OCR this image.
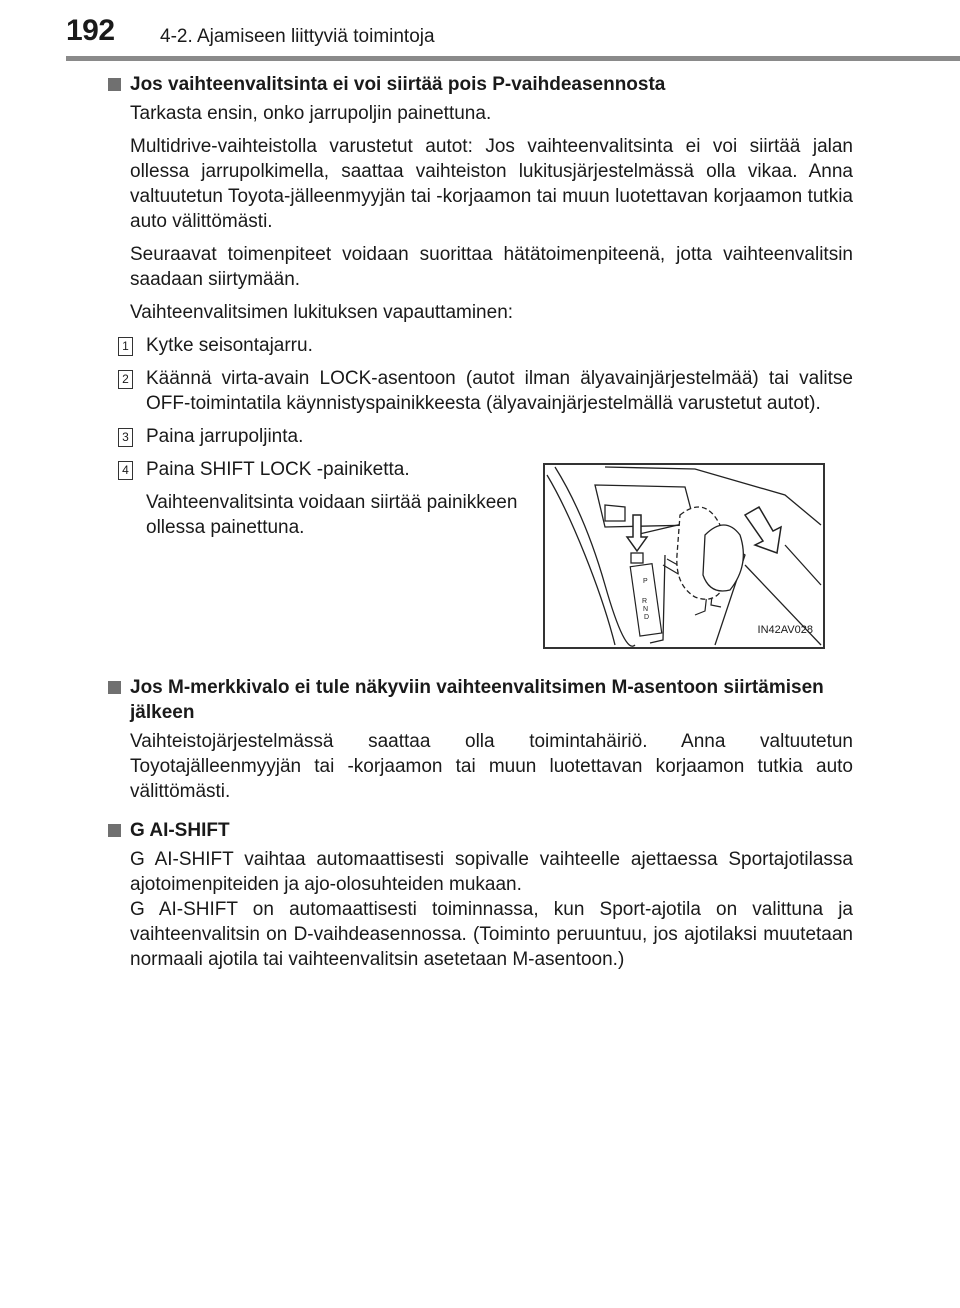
192 4-2. Ajamiseen liittyviä toimintoja

Jos vaihteenvalitsinta ei voi siirtää pois P-vaihdeasennosta

Tarkasta ensin, onko jarrupoljin painettuna.

Multidrive-vaihteistolla varustetut autot: Jos vaihteenvalitsinta ei voi siirtää jalan ollessa jarrupolkimella, saattaa vaihteiston lukitusjärjestelmässä olla vikaa. Anna valtuutetun Toyota-jälleenmyyjän tai -korjaamon tai muun luotettavan korjaamon tutkia auto välittömästi.

Seuraavat toimenpiteet voidaan suorittaa hätätoimenpiteenä, jotta vaihteenvalitsin saadaan siirtymään.

Vaihteenvalitsimen lukituksen vapauttaminen:

1 Kytke seisontajarru.
2 Käännä virta-avain LOCK-asentoon (autot ilman älyavainjärjestelmää) tai valitse OFF-toimintatila käynnistyspainikkeesta (älyavainjärjestelmällä varustetut autot).
3 Paina jarrupoljinta.
4 Paina SHIFT LOCK -painiketta.

Vaihteenvalitsinta voidaan siirtää painikkeen ollessa painettuna.

P
R
N
D
IN42AV028

Jos M-merkkivalo ei tule näkyviin vaihteenvalitsimen M-asentoon siirtämisen jälkeen

Vaihteistojärjestelmässä saattaa olla toimintahäiriö. Anna valtuutetun Toyotajälleenmyyjän tai -korjaamon tai muun luotettavan korjaamon tutkia auto välittömästi.

G AI-SHIFT

G AI-SHIFT vaihtaa automaattisesti sopivalle vaihteelle ajettaessa Sportajotilassa ajotoimenpiteiden ja ajo-olosuhteiden mukaan.

G AI-SHIFT on automaattisesti toiminnassa, kun Sport-ajotila on valittuna ja vaihteenvalitsin on D-vaihdeasennossa. (Toiminto peruuntuu, jos ajotilaksi muutetaan normaali ajotila tai vaihteenvalitsin asetetaan M-asentoon.)
